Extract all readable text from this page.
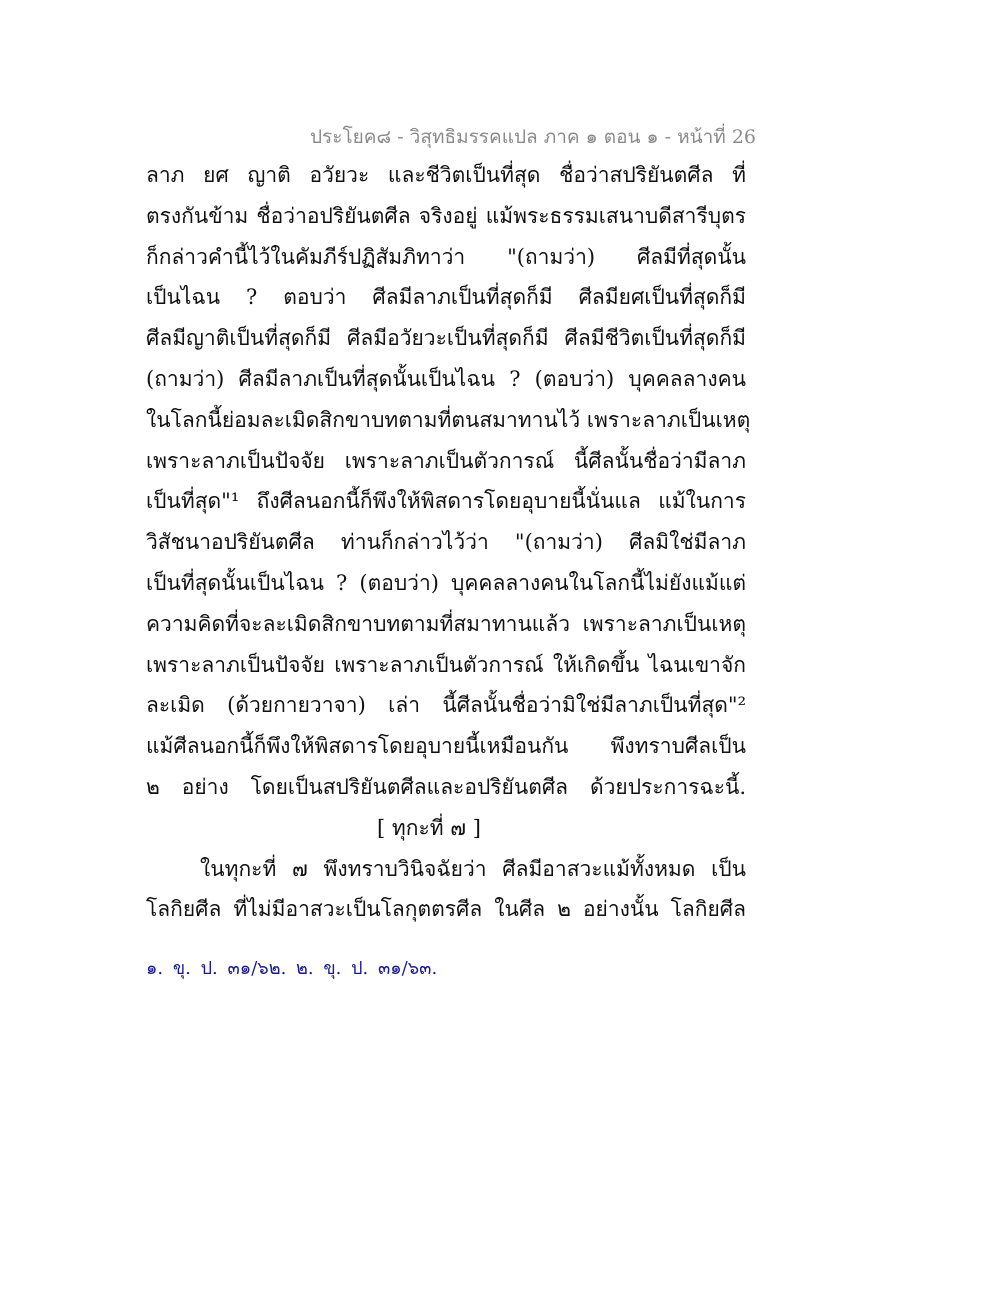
ประโยค๘ - วิสุทธิมรรคแปล ภาค ๑ ตอน ๑ - หน้าที่ 26
ลาภ ยศ ญาติ อวัยวะ และชีวิตเป็นที่สุด ชื่อว่าสปริยันตศีล ที่
ตรงกันข้าม ชื่อว่าอปริยันตศีล จริงอยู่ แม้พระธรรมเสนาบดีสารีบุตร
ก็กล่าวคำนี้ไว้ในคัมภีร์ปฏิสัมภิทาว่า "(ถามว่า) ศีลมีที่สุดนั้น
เป็นไฉน ? ตอบว่า ศีลมีลาภเป็นที่สุดก็มี ศีลมียศเป็นที่สุดก็มี
ศีลมีญาติเป็นที่สุดก็มี ศีลมีอวัยวะเป็นที่สุดก็มี ศีลมีชีวิตเป็นที่สุดก็มี
(ถามว่า) ศีลมีลาภเป็นที่สุดนั้นเป็นไฉน ? (ตอบว่า) บุคคลลางคน
ในโลกนี้ย่อมละเมิดสิกขาบทตามที่ตนสมาทานไว้ เพราะลาภเป็นเหตุ
เพราะลาภเป็นปัจจัย เพราะลาภเป็นตัวการณ์ นี้ศีลนั้นชื่อว่ามีลาภ
เป็นที่สุด"¹ ถึงศีลนอกนี้ก็พึงให้พิสดารโดยอุบายนี้นั่นแล แม้ในการ
วิสัชนาอปริยันตศีล ท่านก็กล่าวไว้ว่า "(ถามว่า) ศีลมิใช่มีลาภ
เป็นที่สุดนั้นเป็นไฉน ? (ตอบว่า) บุคคลลางคนในโลกนี้ไม่ยังแม้แต่
ความคิดที่จะละเมิดสิกขาบทตามที่สมาทานแล้ว เพราะลาภเป็นเหตุ
เพราะลาภเป็นปัจจัย เพราะลาภเป็นตัวการณ์ ให้เกิดขึ้น ไฉนเขาจัก
ละเมิด (ด้วยกายวาจา) เล่า นี้ศีลนั้นชื่อว่ามิใช่มีลาภเป็นที่สุด"²
แม้ศีลนอกนี้ก็พึงให้พิสดารโดยอุบายนี้เหมือนกัน พึงทราบศีลเป็น
๒ อย่าง โดยเป็นสปริยันตศีลและอปริยันตศีล ด้วยประการฉะนี้.
[ ทุกะที่ ๗ ]
ในทุกะที่ ๗ พึงทราบวินิจฉัยว่า ศีลมีอาสวะแม้ทั้งหมด เป็น
โลกิยศีล ที่ไม่มีอาสวะเป็นโลกุตตรศีล ในศีล ๒ อย่างนั้น โลกิยศีล
๑. ขุ. ป. ๓๑/๖๒. ๒. ขุ. ป. ๓๑/๖๓.
